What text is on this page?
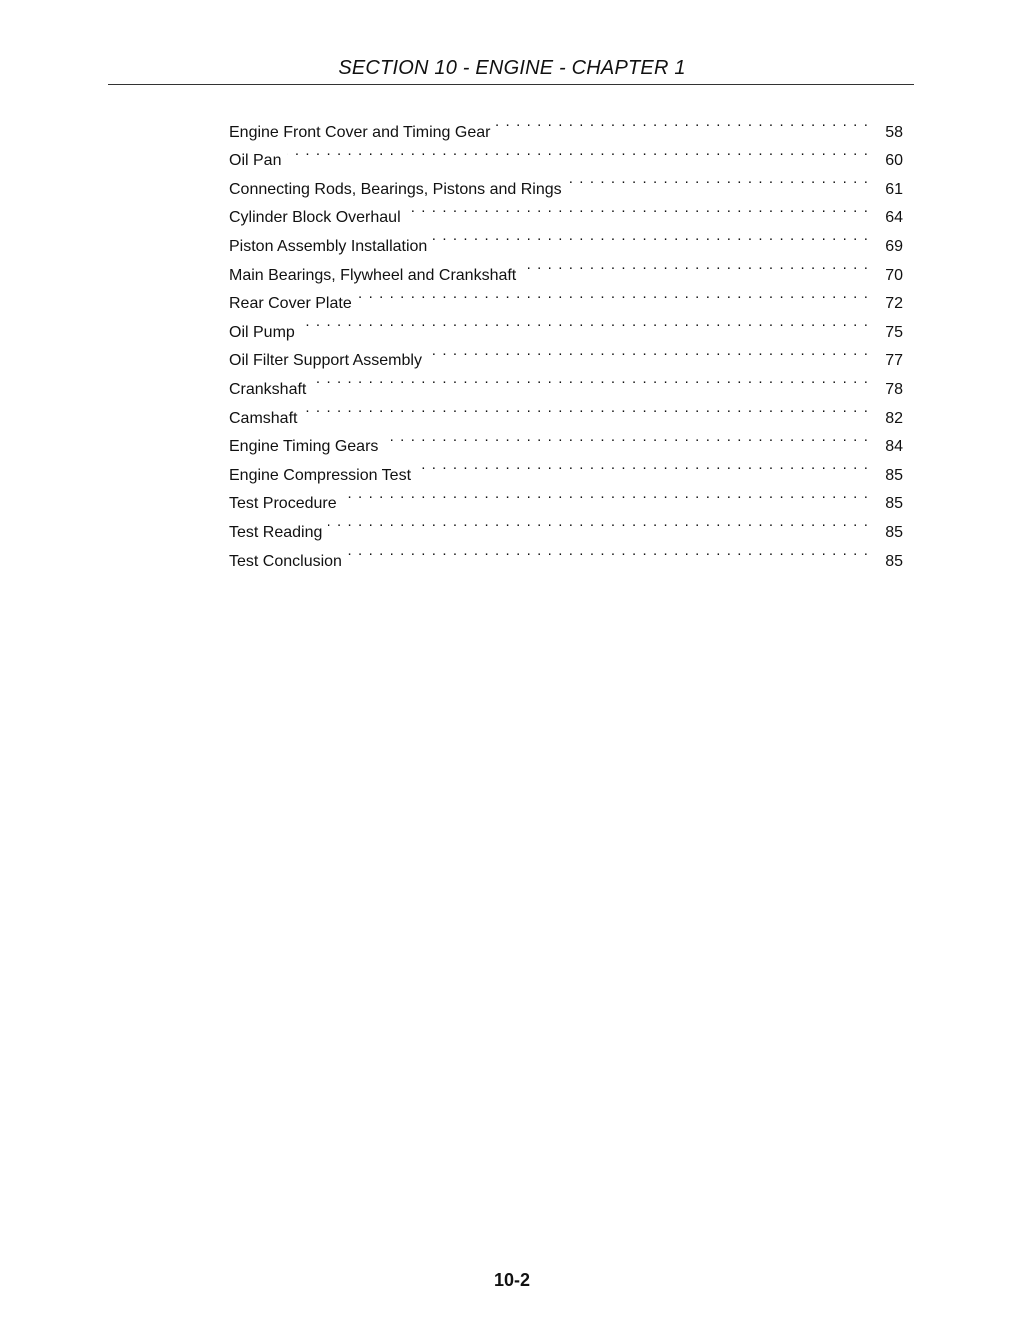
SECTION 10 - ENGINE - CHAPTER 1
Engine Front Cover and Timing Gear . . .	58
Oil Pan . . .	60
Connecting Rods, Bearings, Pistons and Rings . . .	61
Cylinder Block Overhaul . . .	64
Piston Assembly Installation . . .	69
Main Bearings, Flywheel and Crankshaft . . .	70
Rear Cover Plate . . .	72
Oil Pump . . .	75
Oil Filter Support Assembly . . .	77
Crankshaft . . .	78
Camshaft . . .	82
Engine Timing Gears . . .	84
Engine Compression Test . . .	85
Test Procedure . . .	85
Test Reading . . .	85
Test Conclusion . . .	85
10-2
